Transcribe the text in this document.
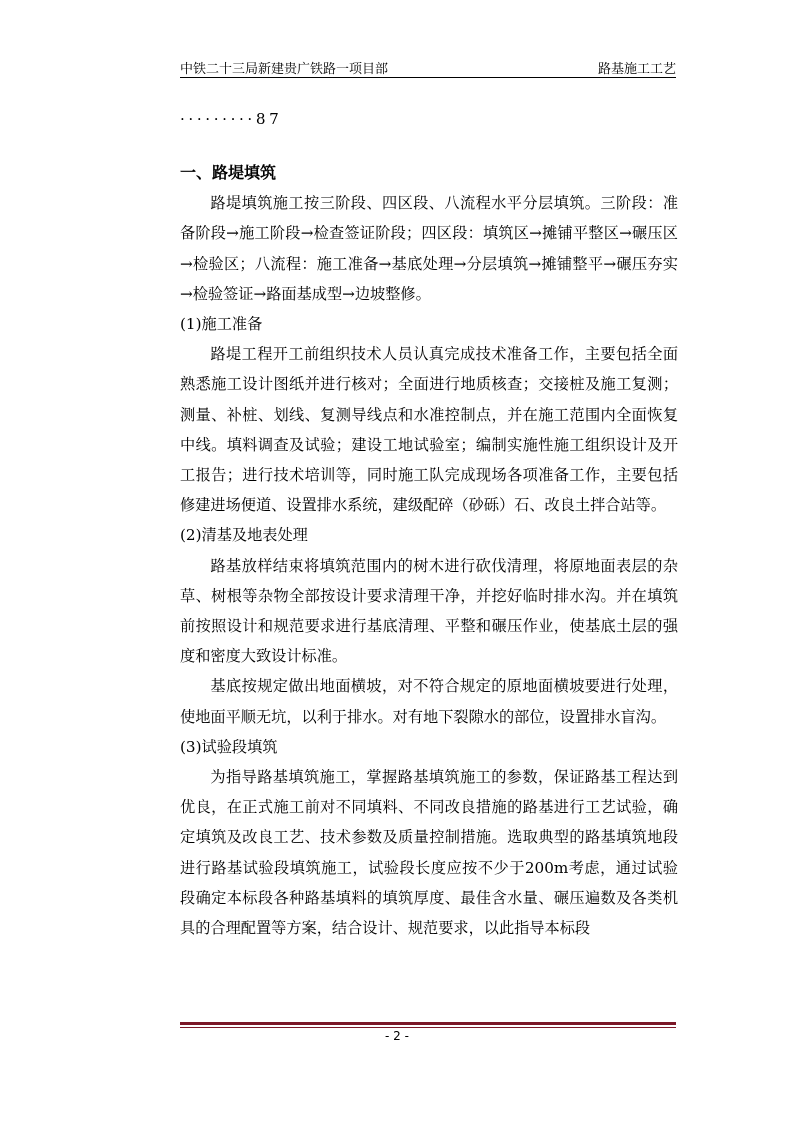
中铁二十三局新建贵广铁路一项目部	路基施工工艺

·········87

一、路堤填筑

路堤填筑施工按三阶段、四区段、八流程水平分层填筑。三阶段：准备阶段→施工阶段→检查签证阶段；四区段：填筑区→摊铺平整区→碾压区→检验区；八流程：施工准备→基底处理→分层填筑→摊铺整平→碾压夯实→检验签证→路面基成型→边坡整修。

(1)施工准备

路堤工程开工前组织技术人员认真完成技术准备工作，主要包括全面熟悉施工设计图纸并进行核对；全面进行地质核查；交接桩及施工复测；测量、补桩、划线、复测导线点和水准控制点，并在施工范围内全面恢复中线。填料调查及试验；建设工地试验室；编制实施性施工组织设计及开工报告；进行技术培训等，同时施工队完成现场各项准备工作，主要包括修建进场便道、设置排水系统，建级配碎（砂砾）石、改良土拌合站等。

(2)清基及地表处理

路基放样结束将填筑范围内的树木进行砍伐清理，将原地面表层的杂草、树根等杂物全部按设计要求清理干净，并挖好临时排水沟。并在填筑前按照设计和规范要求进行基底清理、平整和碾压作业，使基底土层的强度和密度大致设计标准。

基底按规定做出地面横坡，对不符合规定的原地面横坡要进行处理，使地面平顺无坑，以利于排水。对有地下裂隙水的部位，设置排水盲沟。

(3)试验段填筑

为指导路基填筑施工，掌握路基填筑施工的参数，保证路基工程达到优良，在正式施工前对不同填料、不同改良措施的路基进行工艺试验，确定填筑及改良工艺、技术参数及质量控制措施。选取典型的路基填筑地段进行路基试验段填筑施工，试验段长度应按不少于200m考虑，通过试验段确定本标段各种路基填料的填筑厚度、最佳含水量、碾压遍数及各类机具的合理配置等方案，结合设计、规范要求，以此指导本标段

- 2 -
